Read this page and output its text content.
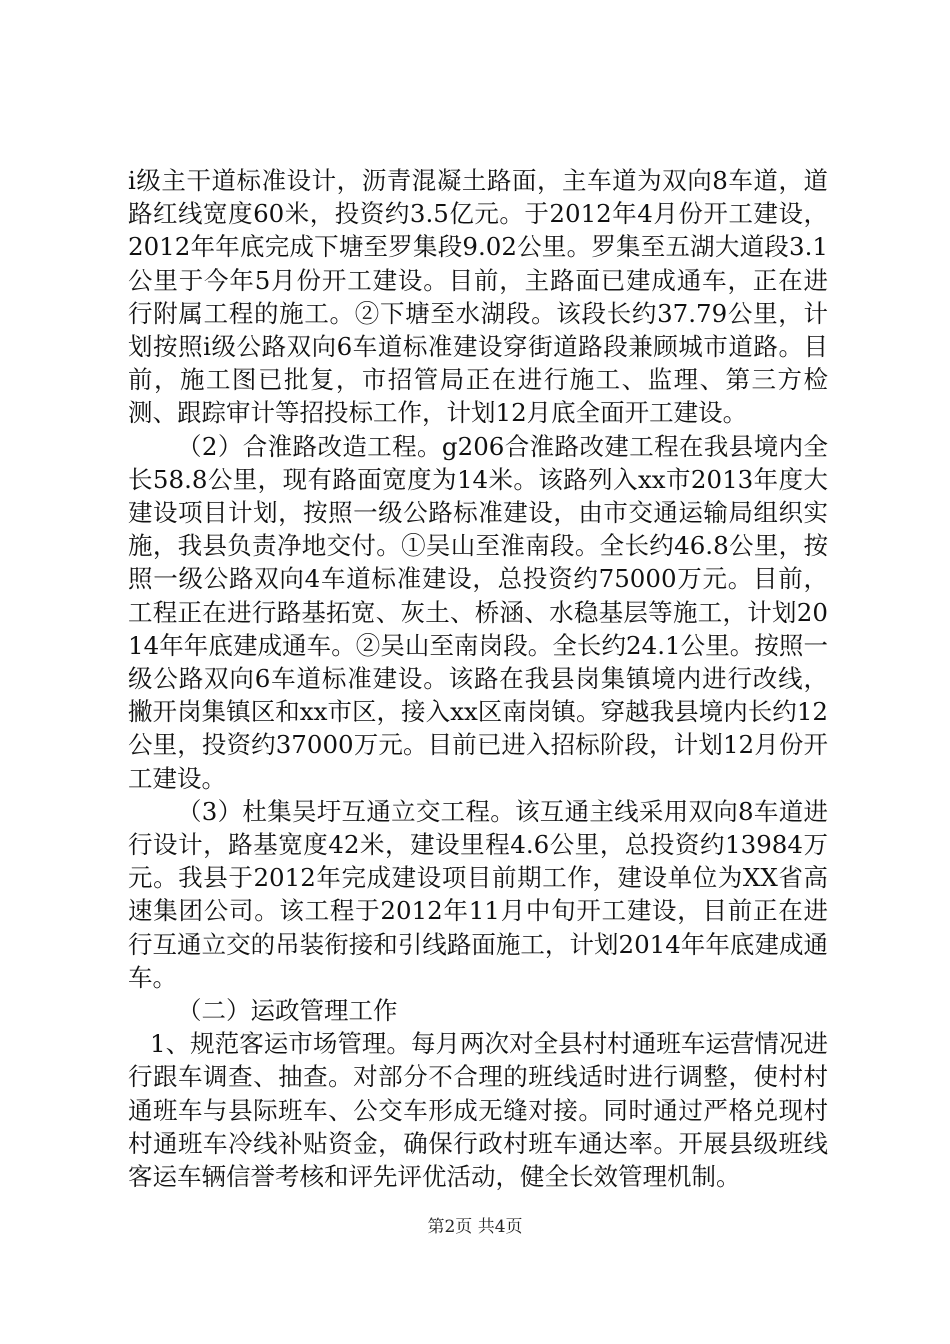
ⅰ级主干道标准设计，沥青混凝土路面，主车道为双向8车道，道路红线宽度60米，投资约3.5亿元。于2012年4月份开工建设，2012年年底完成下塘至罗集段9.02公里。罗集至五湖大道段3.1公里于今年5月份开工建设。目前，主路面已建成通车，正在进行附属工程的施工。②下塘至水湖段。该段长约37.79公里，计划按照ⅰ级公路双向6车道标准建设穿街道路段兼顾城市道路。目前，施工图已批复，市招管局正在进行施工、监理、第三方检测、跟踪审计等招投标工作，计划12月底全面开工建设。

（2）合淮路改造工程。g206合淮路改建工程在我县境内全长58.8公里，现有路面宽度为14米。该路列入xx市2013年度大建设项目计划，按照一级公路标准建设，由市交通运输局组织实施，我县负责净地交付。①吴山至淮南段。全长约46.8公里，按照一级公路双向4车道标准建设，总投资约75000万元。目前，工程正在进行路基拓宽、灰土、桥涵、水稳基层等施工，计划2014年年底建成通车。②吴山至南岗段。全长约24.1公里。按照一级公路双向6车道标准建设。该路在我县岗集镇境内进行改线，撇开岗集镇区和xx市区，接入xx区南岗镇。穿越我县境内长约12公里，投资约37000万元。目前已进入招标阶段，计划12月份开工建设。

（3）杜集吴圩互通立交工程。该互通主线采用双向8车道进行设计，路基宽度42米，建设里程4.6公里，总投资约13984万元。我县于2012年完成建设项目前期工作，建设单位为XX省高速集团公司。该工程于2012年11月中旬开工建设，目前正在进行互通立交的吊装衔接和引线路面施工，计划2014年年底建成通车。

（二）运政管理工作

1、规范客运市场管理。每月两次对全县村村通班车运营情况进行跟车调查、抽查。对部分不合理的班线适时进行调整，使村村通班车与县际班车、公交车形成无缝对接。同时通过严格兑现村村通班车冷线补贴资金，确保行政村班车通达率。开展县级班线客运车辆信誉考核和评先评优活动，健全长效管理机制。

第2页 共4页
